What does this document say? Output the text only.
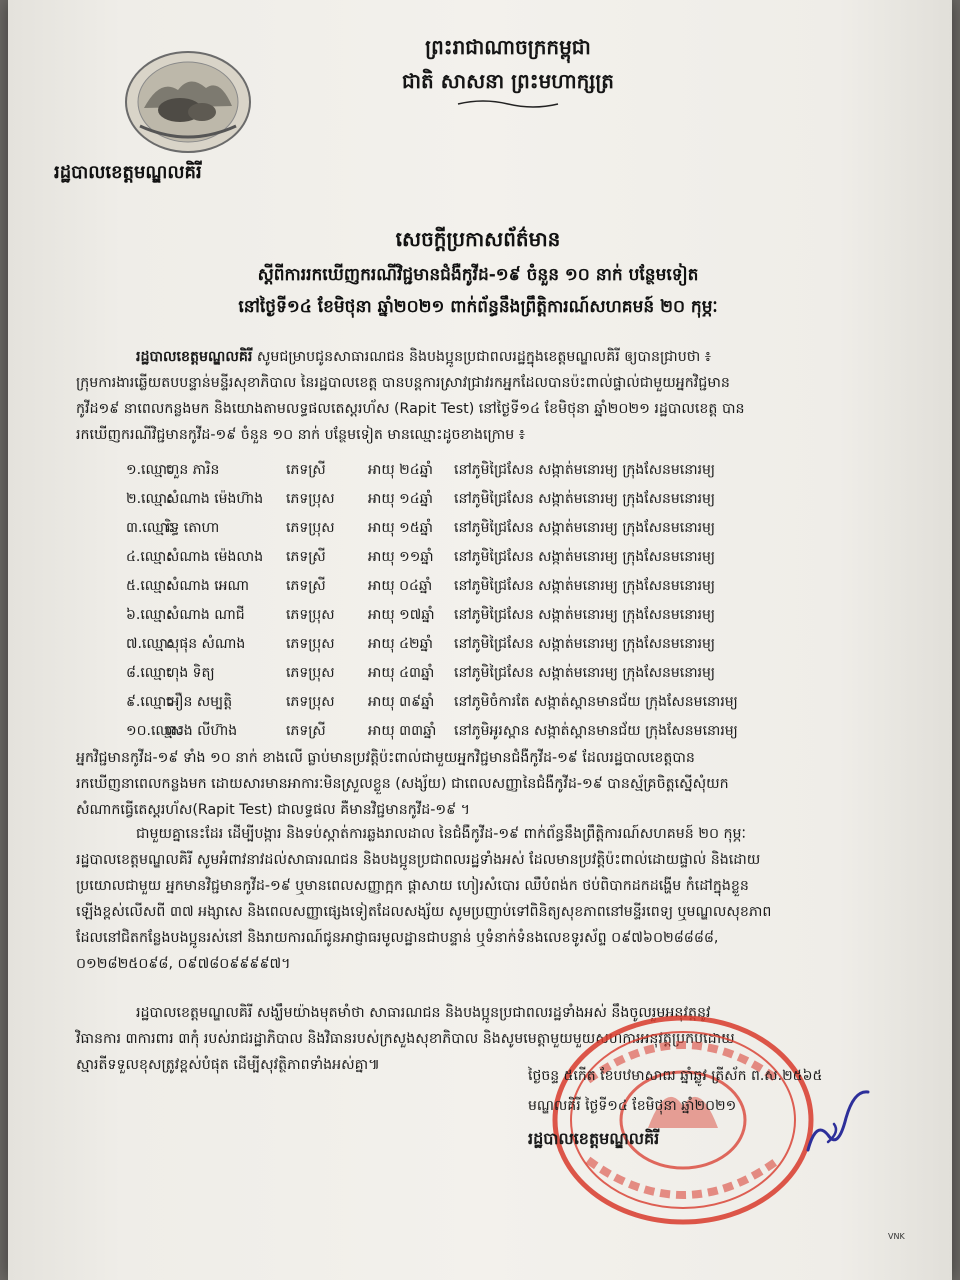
ព្រះរាជាណាចក្រកម្ពុជា
ជាតិ សាសនា ព្រះមហាក្សត្រ
រដ្ឋបាលខេត្តមណ្ឌលគិរី
សេចក្តីប្រកាសព័ត៌មាន
ស្តីពីការរកឃើញករណីវិជ្ជមានជំងឺកូវីដ-១៩ ចំនួន ១០ នាក់ បន្ថែមទៀត
នៅថ្ងៃទី១៤ ខែមិថុនា ឆ្នាំ២០២១ ពាក់ព័ន្ធនឹងព្រឹត្តិការណ៍សហគមន៍ ២០ កុម្ភៈ
រដ្ឋបាលខេត្តមណ្ឌលគិរី សូមជម្រាបជូនសាធារណជន និងបងប្អូនប្រជាពលរដ្ឋក្នុងខេត្តមណ្ឌលគិរី ឲ្យបានជ្រាបថា ៖
ក្រុមការងារឆ្លើយតបបន្ទាន់មន្ទីរសុខាភិបាល នៃរដ្ឋបាលខេត្ត បានបន្តការស្រាវជ្រាវរកអ្នកដែលបានប៉ះពាល់ផ្ទាល់ជាមួយអ្នកវិជ្ជមាន
កូវីដ១៩ នាពេលកន្លងមក និងយោងតាមលទ្ធផលតេស្តរហ័ស (Rapit Test) នៅថ្ងៃទី១៤ ខែមិថុនា ឆ្នាំ២០២១ រដ្ឋបាលខេត្ត បាន
រកឃើញករណីវិជ្ជមានកូវីដ-១៩ ចំនួន ១០ នាក់ បន្ថែមទៀត មានឈ្មោះដូចខាងក្រោម ៖
១.ឈ្មោះ
ហួន ភារិន	ភេទស្រី	អាយុ ២៤ឆ្នាំ	នៅភូមិជ្រៃសែន សង្កាត់មនោរម្យ ក្រុងសែនមនោរម្យ
២.ឈ្មោះ
សំណាង ម៉េងហ៊ាង	ភេទប្រុស	អាយុ ១៤ឆ្នាំ	នៅភូមិជ្រៃសែន សង្កាត់មនោរម្យ ក្រុងសែនមនោរម្យ
៣.ឈ្មោះ
រិទ្ធ តោហា	ភេទប្រុស	អាយុ ១៥ឆ្នាំ	នៅភូមិជ្រៃសែន សង្កាត់មនោរម្យ ក្រុងសែនមនោរម្យ
៤.ឈ្មោះ
សំណាង ម៉េងលាង	ភេទស្រី	អាយុ ១១ឆ្នាំ	នៅភូមិជ្រៃសែន សង្កាត់មនោរម្យ ក្រុងសែនមនោរម្យ
៥.ឈ្មោះ
សំណាង អេណា	ភេទស្រី	អាយុ ០៤ឆ្នាំ	នៅភូមិជ្រៃសែន សង្កាត់មនោរម្យ ក្រុងសែនមនោរម្យ
៦.ឈ្មោះ
សំណាង ណាជី	ភេទប្រុស	អាយុ ១៧ឆ្នាំ	នៅភូមិជ្រៃសែន សង្កាត់មនោរម្យ ក្រុងសែនមនោរម្យ
៧.ឈ្មោះ
សុផុន សំណាង	ភេទប្រុស	អាយុ ៤២ឆ្នាំ	នៅភូមិជ្រៃសែន សង្កាត់មនោរម្យ ក្រុងសែនមនោរម្យ
៨.ឈ្មោះ
ហុង ទិត្យ	ភេទប្រុស	អាយុ ៤៣ឆ្នាំ	នៅភូមិជ្រៃសែន សង្កាត់មនោរម្យ ក្រុងសែនមនោរម្យ
៩.ឈ្មោះ
អឿន សម្បត្តិ	ភេទប្រុស	អាយុ ៣៩ឆ្នាំ	នៅភូមិចំការតែ សង្កាត់ស្ពានមានជ័យ ក្រុងសែនមនោរម្យ
១០.ឈ្មោះ
សេង លីហ៊ាង	ភេទស្រី	អាយុ ៣៣ឆ្នាំ	នៅភូមិអូរស្ពាន សង្កាត់ស្ពានមានជ័យ ក្រុងសែនមនោរម្យ
អ្នកវិជ្ជមានកូវីដ-១៩ ទាំង ១០ នាក់ ខាងលើ ធ្លាប់មានប្រវត្តិប៉ះពាល់ជាមួយអ្នកវិជ្ជមានជំងឺកូវីដ-១៩ ដែលរដ្ឋបាលខេត្តបាន
រកឃើញនាពេលកន្លងមក ដោយសារមានអាការៈមិនស្រួលខ្លួន (សង្ស័យ) ជាពេលសញ្ញានៃជំងឺកូវីដ-១៩ បានស្ម័គ្រចិត្តស្នើសុំយក
សំណាកធ្វើតេស្តរហ័ស(Rapit Test) ជាលទ្ធផល គឺមានវិជ្ជមានកូវីដ-១៩ ។
ជាមួយគ្នានេះដែរ ដើម្បីបង្ការ និងទប់ស្កាត់ការឆ្លងរាលដាល នៃជំងឺកូវីដ-១៩ ពាក់ព័ន្ធនឹងព្រឹត្តិការណ៍សហគមន៍ ២០ កុម្ភៈ
រដ្ឋបាលខេត្តមណ្ឌលគិរី សូមអំពាវនាវដល់សាធារណជន និងបងប្អូនប្រជាពលរដ្ឋទាំងអស់ ដែលមានប្រវត្តិប៉ះពាល់ដោយផ្ទាល់ និងដោយ
ប្រយោលជាមួយ អ្នកមានវិជ្ជមានកូវីដ-១៩ ឬមានពេលសញ្ញាក្អក ផ្តាសាយ ហៀរសំបោរ ឈឺបំពង់ក ថប់ពិបាកដកដង្ហើម កំដៅក្នុងខ្លួន
ឡើងខ្ពស់លើសពី ៣៧ អង្សាសេ និងពេលសញ្ញាផ្សេងទៀតដែលសង្ស័យ សូមប្រញាប់ទៅពិនិត្យសុខភាពនៅមន្ទីរពេទ្យ ឬមណ្ឌលសុខភាព
ដែលនៅជិតកន្លែងបងប្អូនរស់នៅ និងរាយការណ៍ជូនអាជ្ញាធរមូលដ្ឋានជាបន្ទាន់ ឬទំនាក់ទំនងលេខទូរស័ព្ទ ០៩៧៦០២៨៨៨៨,
០១២៨២៥០៩៨, ០៩៧៨០៩៩៩៩៧។
រដ្ឋបាលខេត្តមណ្ឌលគិរី សង្ឃឹមយ៉ាងមុតមាំថា សាធារណជន និងបងប្អូនប្រជាពលរដ្ឋទាំងអស់ នឹងចូលរួមអនុវត្តនូវ
វិធានការ ៣ការពារ ៣កុំ របស់រាជរដ្ឋាភិបាល និងវិធានរបស់ក្រសួងសុខាភិបាល និងសូមមេត្តាមួយមួយសហការអនុវត្តប្រកបដោយ
ស្មារតីទទួលខុសត្រូវខ្ពស់បំផុត ដើម្បីសុវត្ថិភាពទាំងអស់គ្នា៕
ថ្ងៃចន្ទ ៥កើត ខែបឋមាសាឍ ឆ្នាំឆ្លូវ ត្រីស័ក ព.ស.២៥៦៥
មណ្ឌលគិរី ថ្ងៃទី១៤ ខែមិថុនា ឆ្នាំ២០២១
រដ្ឋបាលខេត្តមណ្ឌលគិរី
VNK
